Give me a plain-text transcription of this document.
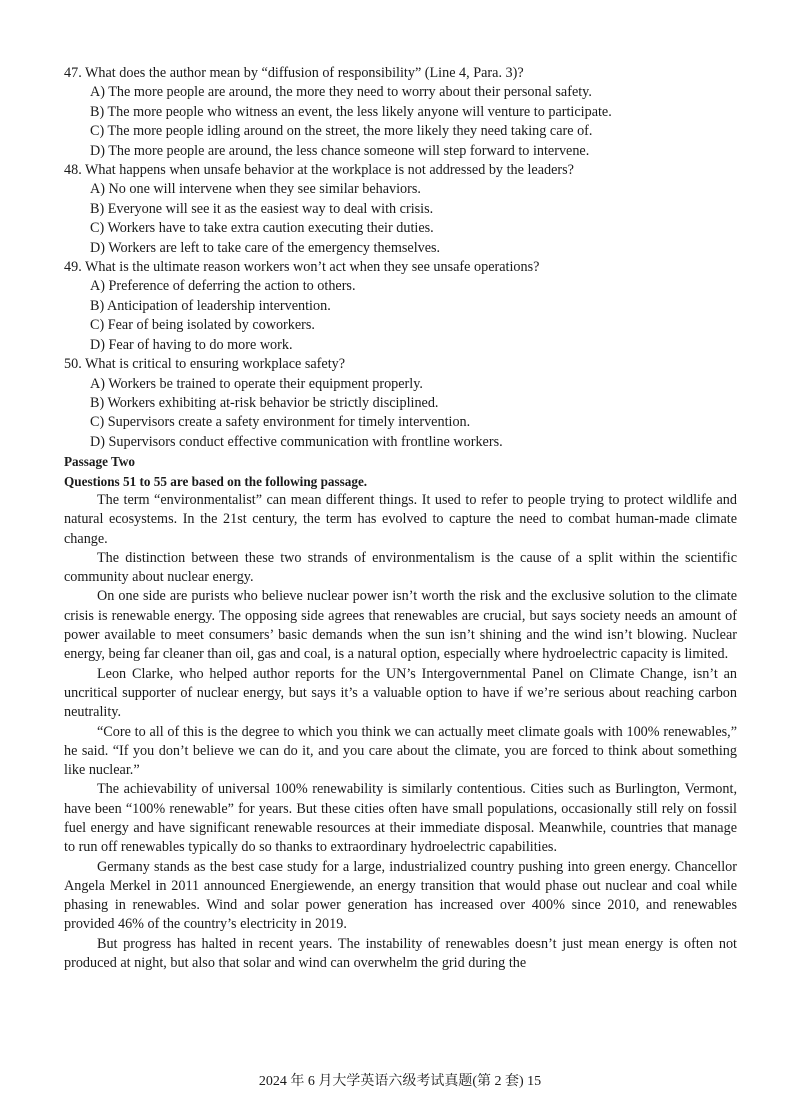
47. What does the author mean by “diffusion of responsibility” (Line 4, Para. 3)?
A) The more people are around, the more they need to worry about their personal safety.
B) The more people who witness an event, the less likely anyone will venture to participate.
C) The more people idling around on the street, the more likely they need taking care of.
D) The more people are around, the less chance someone will step forward to intervene.
48. What happens when unsafe behavior at the workplace is not addressed by the leaders?
A) No one will intervene when they see similar behaviors.
B) Everyone will see it as the easiest way to deal with crisis.
C) Workers have to take extra caution executing their duties.
D) Workers are left to take care of the emergency themselves.
49. What is the ultimate reason workers won’t act when they see unsafe operations?
A) Preference of deferring the action to others.
B) Anticipation of leadership intervention.
C) Fear of being isolated by coworkers.
D) Fear of having to do more work.
50. What is critical to ensuring workplace safety?
A) Workers be trained to operate their equipment properly.
B) Workers exhibiting at-risk behavior be strictly disciplined.
C) Supervisors create a safety environment for timely intervention.
D) Supervisors conduct effective communication with frontline workers.
Passage Two
Questions 51 to 55 are based on the following passage.

The term “environmentalist” can mean different things. It used to refer to people trying to protect wildlife and natural ecosystems. In the 21st century, the term has evolved to capture the need to combat human-made climate change.

The distinction between these two strands of environmentalism is the cause of a split within the scientific community about nuclear energy.

On one side are purists who believe nuclear power isn’t worth the risk and the exclusive solution to the climate crisis is renewable energy. The opposing side agrees that renewables are crucial, but says society needs an amount of power available to meet consumers’ basic demands when the sun isn’t shining and the wind isn’t blowing. Nuclear energy, being far cleaner than oil, gas and coal, is a natural option, especially where hydroelectric capacity is limited.

Leon Clarke, who helped author reports for the UN’s Intergovernmental Panel on Climate Change, isn’t an uncritical supporter of nuclear energy, but says it’s a valuable option to have if we’re serious about reaching carbon neutrality.

“Core to all of this is the degree to which you think we can actually meet climate goals with 100% renewables,” he said. “If you don’t believe we can do it, and you care about the climate, you are forced to think about something like nuclear.”

The achievability of universal 100% renewability is similarly contentious. Cities such as Burlington, Vermont, have been “100% renewable” for years. But these cities often have small populations, occasionally still rely on fossil fuel energy and have significant renewable resources at their immediate disposal. Meanwhile, countries that manage to run off renewables typically do so thanks to extraordinary hydroelectric capabilities.

Germany stands as the best case study for a large, industrialized country pushing into green energy. Chancellor Angela Merkel in 2011 announced Energiewende, an energy transition that would phase out nuclear and coal while phasing in renewables. Wind and solar power generation has increased over 400% since 2010, and renewables provided 46% of the country’s electricity in 2019.

But progress has halted in recent years. The instability of renewables doesn’t just mean energy is often not produced at night, but also that solar and wind can overwhelm the grid during the

2024 年 6 月大学英语六级考试真题(第 2 套) 15
